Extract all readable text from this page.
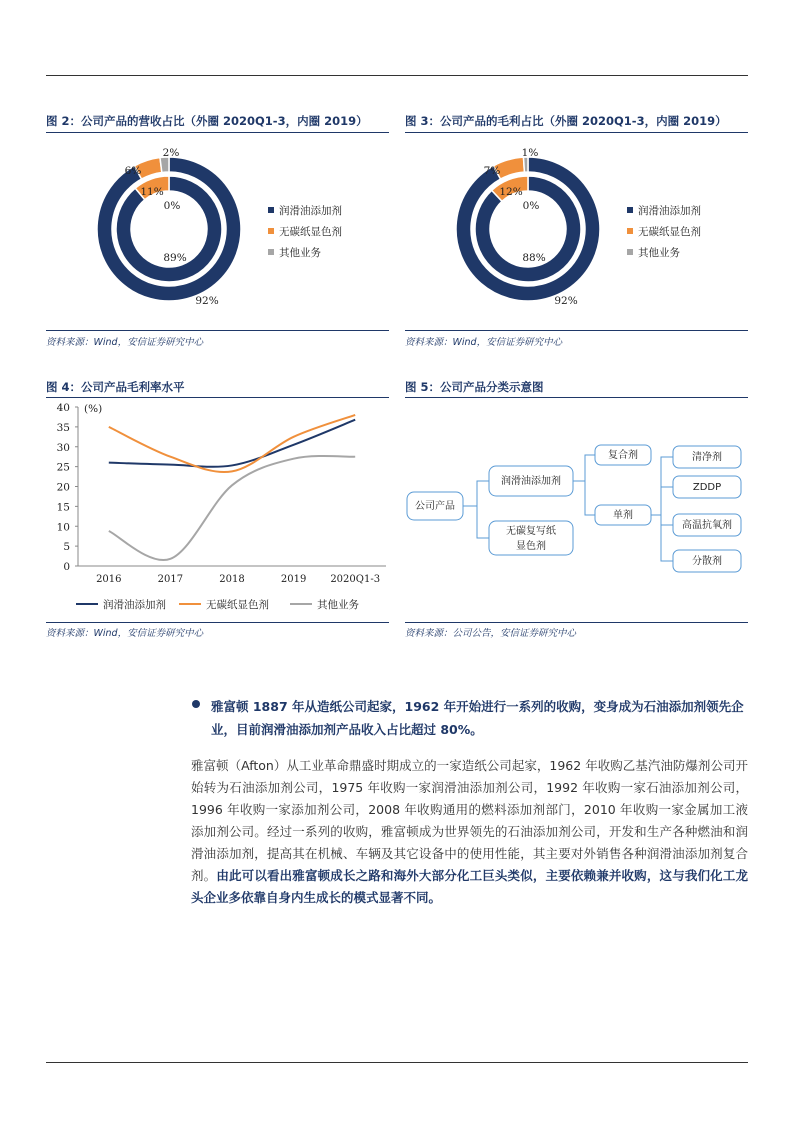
图 2：公司产品的营收占比（外圈 2020Q1-3，内圈 2019）
92%
6%
2%
89%
11%
0%	润滑油添加剂
无碳纸显色剂
其他业务
资料来源：Wind，安信证券研究中心
图 3：公司产品的毛利占比（外圈 2020Q1-3，内圈 2019）
92%
7%
1%
88%
12%
0%	润滑油添加剂
无碳纸显色剂
其他业务
资料来源：Wind，安信证券研究中心
图 4：公司产品毛利率水平
0
5
10
15
20
25
30
35
40 (%)
2016	2017	2018	2019 2020Q1-3
润滑油添加剂	无碳纸显色剂	其他业务
资料来源：Wind，安信证券研究中心
图 5：公司产品分类示意图
公司产品
润滑油添加剂
无碳复写纸
显色剂
复合剂
单剂
清净剂
ZDDP
高温抗氧剂
分散剂
资料来源：公司公告，安信证券研究中心
雅富顿 1887 年从造纸公司起家，1962 年开始进行一系列的收购，变身成为石油添加剂领先企业，目前润滑油添加剂产品收入占比超过 80%。
雅富顿（Afton）从工业革命鼎盛时期成立的一家造纸公司起家，1962 年收购乙基汽油防爆剂公司开始转为石油添加剂公司，1975 年收购一家润滑油添加剂公司，1992 年收购一家石油添加剂公司，1996 年收购一家添加剂公司，2008 年收购通用的燃料添加剂部门，2010 年收购一家金属加工液添加剂公司。经过一系列的收购，雅富顿成为世界领先的石油添加剂公司，开发和生产各种燃油和润滑油添加剂，提高其在机械、车辆及其它设备中的使用性能，其主要对外销售各种润滑油添加剂复合剂。由此可以看出雅富顿成长之路和海外大部分化工巨头类似，主要依赖兼并收购，这与我们化工龙头企业多依靠自身内生成长的模式显著不同。
